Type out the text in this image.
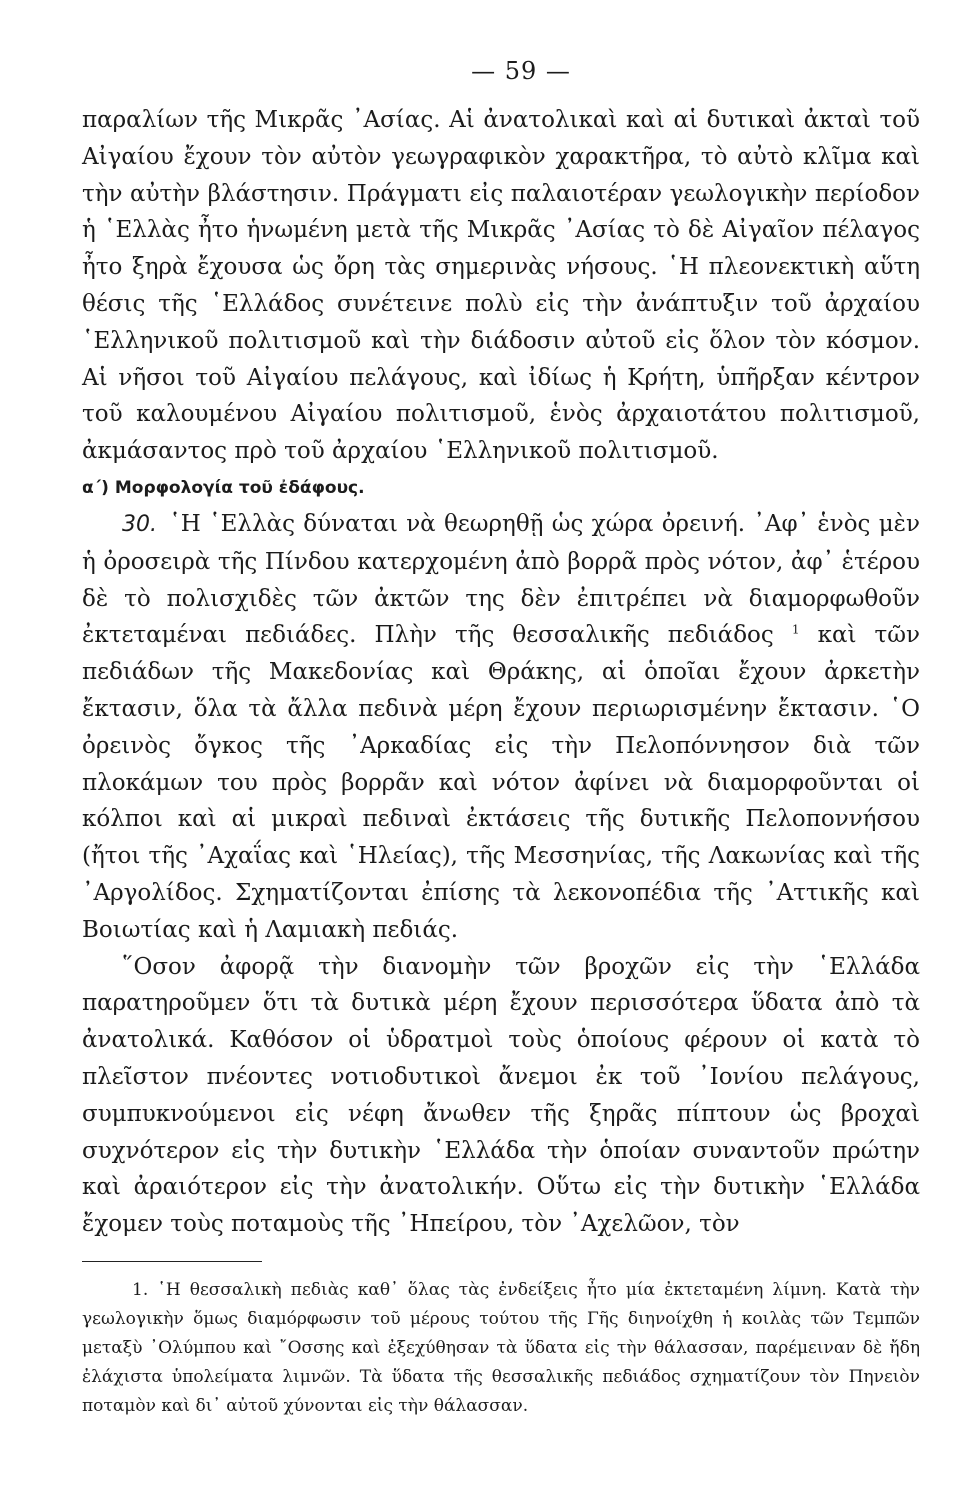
— 59 —

παραλίων τῆς Μικρᾶς ᾿Ασίας. Αἱ ἀνατολικαὶ καὶ αἱ δυτικαὶ ἀκταὶ τοῦ Αἰγαίου ἔχουν τὸν αὐτὸν γεωγραφικὸν χαρακτῆρα, τὸ αὐτὸ κλῖμα καὶ τὴν αὐτὴν βλάστησιν. Πράγματι εἰς παλαιοτέραν γεωλογικὴν περίοδον ἡ ῾Ελλὰς ἦτο ἡνωμένη μετὰ τῆς Μικρᾶς ᾿Ασίας τὸ δὲ Αἰγαῖον πέλαγος ἦτο ξηρὰ ἔχουσα ὡς ὄρη τὰς σημερινὰς νήσους. ῾Η πλεονεκτικὴ αὕτη θέσις τῆς ῾Ελλάδος συνέτεινε πολὺ εἰς τὴν ἀνάπτυξιν τοῦ ἀρχαίου ῾Ελληνικοῦ πολιτισμοῦ καὶ τὴν διάδοσιν αὐτοῦ εἰς ὅλον τὸν κόσμον. Αἱ νῆσοι τοῦ Αἰγαίου πελάγους, καὶ ἰδίως ἡ Κρήτη, ὑπῆρξαν κέντρον τοῦ καλουμένου Αἰγαίου πολιτισμοῦ, ἑνὸς ἀρχαιοτάτου πολιτισμοῦ, ἀκμάσαντος πρὸ τοῦ ἀρχαίου ῾Ελληνικοῦ πολιτισμοῦ.

α΄) Μορφολογία τοῦ ἐδάφους.

30. ῾Η ῾Ελλὰς δύναται νὰ θεωρηθῇ ὡς χώρα ὀρεινή. ᾿Αφ᾿ ἑνὸς μὲν ἡ ὀροσειρὰ τῆς Πίνδου κατερχομένη ἀπὸ βορρᾶ πρὸς νότον, ἀφ᾿ ἑτέρου δὲ τὸ πολισχιδὲς τῶν ἀκτῶν της δὲν ἐπιτρέπει νὰ διαμορφωθοῦν ἐκτεταμέναι πεδιάδες. Πλὴν τῆς θεσσαλικῆς πεδιάδος $^1$ καὶ τῶν πεδιάδων τῆς Μακεδονίας καὶ Θράκης, αἱ ὁποῖαι ἔχουν ἀρκετὴν ἔκτασιν, ὅλα τὰ ἄλλα πεδινὰ μέρη ἔχουν περιωρισμένην ἔκτασιν. ῾Ο ὀρεινὸς ὄγκος τῆς ᾿Αρκαδίας εἰς τὴν Πελοπόννησον διὰ τῶν πλοκάμων του πρὸς βορρᾶν καὶ νότον ἀφίνει νὰ διαμορφοῦνται οἱ κόλποι καὶ αἱ μικραὶ πεδιναὶ ἐκτάσεις τῆς δυτικῆς Πελοποννήσου (ἤτοι τῆς ᾿Αχαΐας καὶ ῾Ηλείας), τῆς Μεσσηνίας, τῆς Λακωνίας καὶ τῆς ᾿Αργολίδος. Σχηματίζονται ἐπίσης τὰ λεκονοπέδια τῆς ᾿Αττικῆς καὶ Βοιωτίας καὶ ἡ Λαμιακὴ πεδιάς.

῞Οσον ἀφορᾷ τὴν διανομὴν τῶν βροχῶν εἰς τὴν ῾Ελλάδα παρατηροῦμεν ὅτι τὰ δυτικὰ μέρη ἔχουν περισσότερα ὕδατα ἀπὸ τὰ ἀνατολικά. Καθόσον οἱ ὑδρατμοὶ τοὺς ὁποίους φέρουν οἱ κατὰ τὸ πλεῖστον πνέοντες νοτιοδυτικοὶ ἄνεμοι ἐκ τοῦ ᾿Ιονίου πελάγους, συμπυκνούμενοι εἰς νέφη ἄνωθεν τῆς ξηρᾶς πίπτουν ὡς βροχαὶ συχνότερον εἰς τὴν δυτικὴν ῾Ελλάδα τὴν ὁποίαν συναντοῦν πρώτην καὶ ἀραιότερον εἰς τὴν ἀνατολικήν. Οὕτω εἰς τὴν δυτικὴν ῾Ελλάδα ἔχομεν τοὺς ποταμοὺς τῆς ᾿Ηπείρου, τὸν ᾿Αχελῶον, τὸν

1. ῾Η θεσσαλικὴ πεδιὰς καθ᾿ ὅλας τὰς ἐνδείξεις ἦτο μία ἐκτεταμένη λίμνη. Κατὰ τὴν γεωλογικὴν ὅμως διαμόρφωσιν τοῦ μέρους τούτου τῆς Γῆς διηνοίχθη ἡ κοιλὰς τῶν Τεμπῶν μεταξὺ ᾿Ολύμπου καὶ ῎Οσσης καὶ ἐξεχύθησαν τὰ ὕδατα εἰς τὴν θάλασσαν, παρέμειναν δὲ ἤδη ἐλάχιστα ὑπολείματα λιμνῶν. Τὰ ὕδατα τῆς θεσσαλικῆς πεδιάδος σχηματίζουν τὸν Πηνειὸν ποταμὸν καὶ δι᾿ αὐτοῦ χύνονται εἰς τὴν θάλασσαν.
